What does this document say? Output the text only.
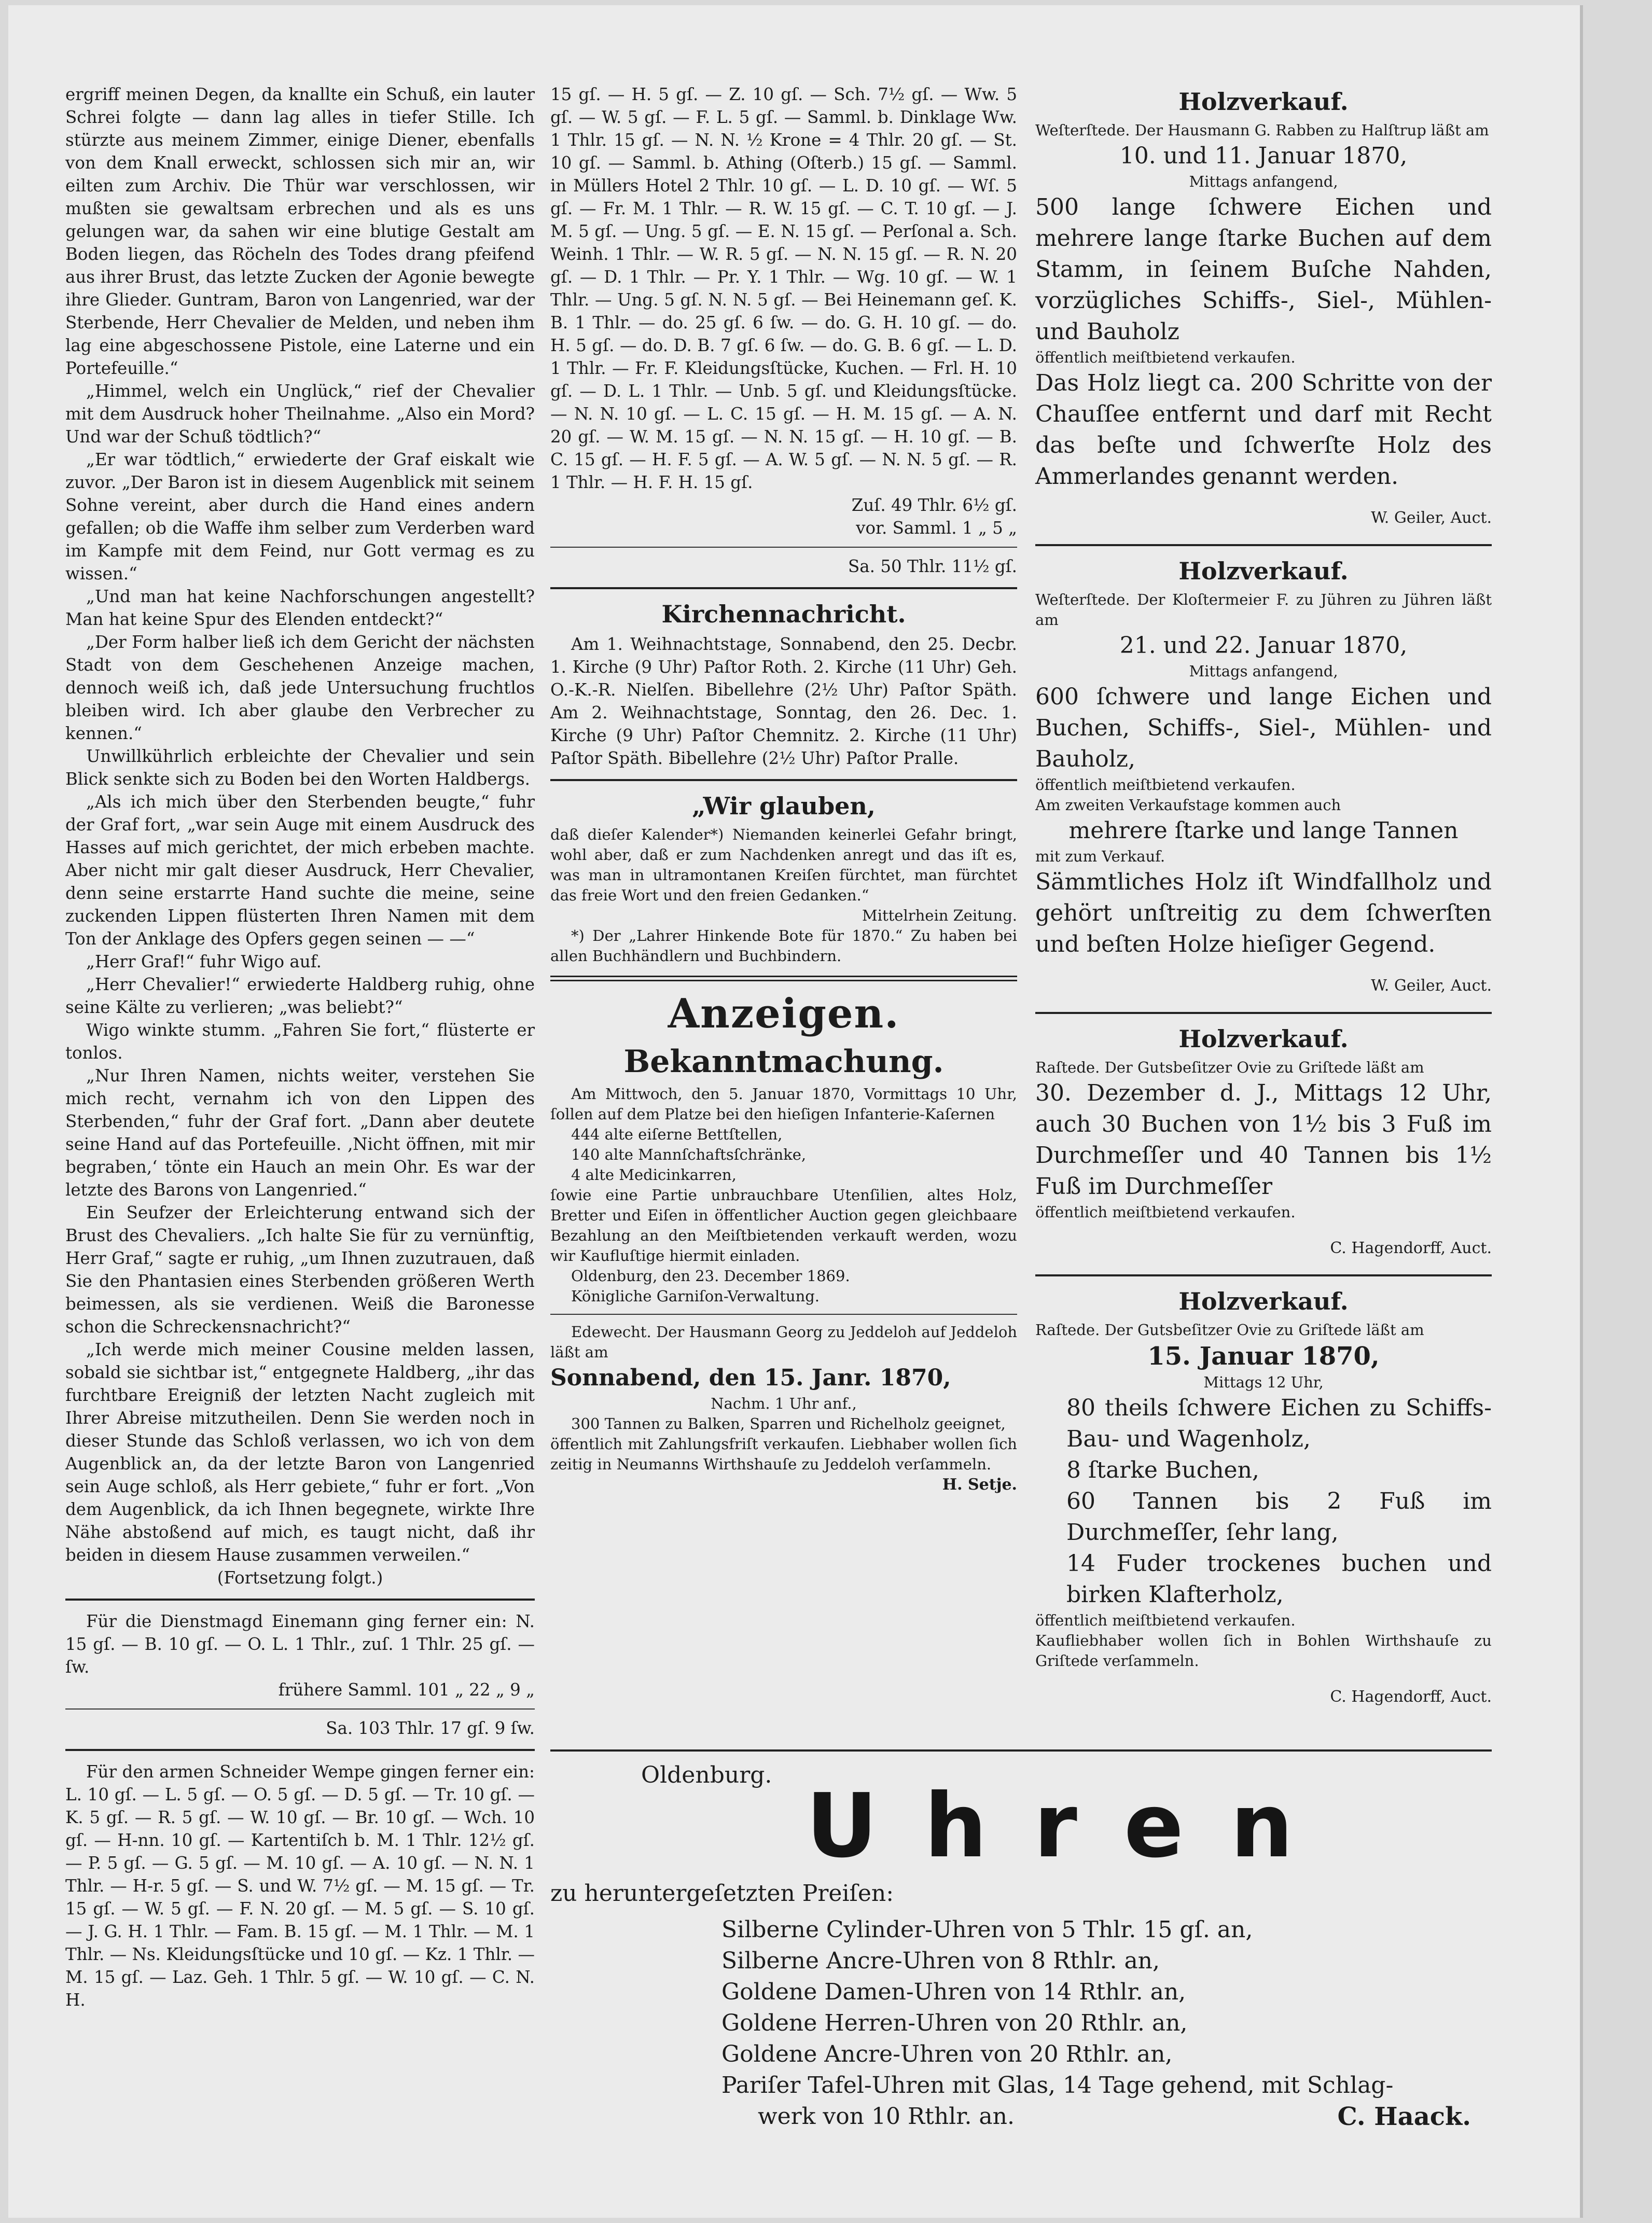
ergriff meinen Degen, da knallte ein Schuß, ein lauter Schrei folgte — dann lag alles in tiefer Stille. Ich stürzte aus meinem Zimmer, einige Diener, ebenfalls von dem Knall erweckt, schlossen sich mir an, wir eilten zum Archiv. Die Thür war verschlossen, wir mußten sie gewaltsam erbrechen und als es uns gelungen war, da sahen wir eine blutige Gestalt am Boden liegen, das Röcheln des Todes drang pfeifend aus ihrer Brust, das letzte Zucken der Agonie bewegte ihre Glieder. Guntram, Baron von Langenried, war der Sterbende, Herr Chevalier de Melden, und neben ihm lag eine abgeschossene Pistole, eine Laterne und ein Portefeuille.“

„Himmel, welch ein Unglück,“ rief der Chevalier mit dem Ausdruck hoher Theilnahme. „Also ein Mord? Und war der Schuß tödtlich?“

„Er war tödtlich,“ erwiederte der Graf eiskalt wie zuvor. „Der Baron ist in diesem Augenblick mit seinem Sohne vereint, aber durch die Hand eines andern gefallen; ob die Waffe ihm selber zum Verderben ward im Kampfe mit dem Feind, nur Gott vermag es zu wissen.“

„Und man hat keine Nachforschungen angestellt? Man hat keine Spur des Elenden entdeckt?“

„Der Form halber ließ ich dem Gericht der nächsten Stadt von dem Geschehenen Anzeige machen, dennoch weiß ich, daß jede Untersuchung fruchtlos bleiben wird. Ich aber glaube den Verbrecher zu kennen.“

Unwillkührlich erbleichte der Chevalier und sein Blick senkte sich zu Boden bei den Worten Haldbergs.

„Als ich mich über den Sterbenden beugte,“ fuhr der Graf fort, „war sein Auge mit einem Ausdruck des Hasses auf mich gerichtet, der mich erbeben machte. Aber nicht mir galt dieser Ausdruck, Herr Chevalier, denn seine erstarrte Hand suchte die meine, seine zuckenden Lippen flüsterten Ihren Namen mit dem Ton der Anklage des Opfers gegen seinen — —“

„Herr Graf!“ fuhr Wigo auf.

„Herr Chevalier!“ erwiederte Haldberg ruhig, ohne seine Kälte zu verlieren; „was beliebt?“

Wigo winkte stumm. „Fahren Sie fort,“ flüsterte er tonlos.

„Nur Ihren Namen, nichts weiter, verstehen Sie mich recht, vernahm ich von den Lippen des Sterbenden,“ fuhr der Graf fort. „Dann aber deutete seine Hand auf das Portefeuille. ‚Nicht öffnen, mit mir begraben,‘ tönte ein Hauch an mein Ohr. Es war der letzte des Barons von Langenried.“

Ein Seufzer der Erleichterung entwand sich der Brust des Chevaliers. „Ich halte Sie für zu vernünftig, Herr Graf,“ sagte er ruhig, „um Ihnen zuzutrauen, daß Sie den Phantasien eines Sterbenden größeren Werth beimessen, als sie verdienen. Weiß die Baronesse schon die Schreckensnachricht?“

„Ich werde mich meiner Cousine melden lassen, sobald sie sichtbar ist,“ entgegnete Haldberg, „ihr das furchtbare Ereigniß der letzten Nacht zugleich mit Ihrer Abreise mitzutheilen. Denn Sie werden noch in dieser Stunde das Schloß verlassen, wo ich von dem Augenblick an, da der letzte Baron von Langenried sein Auge schloß, als Herr gebiete,“ fuhr er fort. „Von dem Augenblick, da ich Ihnen begegnete, wirkte Ihre Nähe abstoßend auf mich, es taugt nicht, daß ihr beiden in diesem Hause zusammen verweilen.“

(Fortsetzung folgt.)

Für die Dienstmagd Einemann ging ferner ein: N. 15 gſ. — B. 10 gſ. — O. L. 1 Thlr., zuſ. 1 Thlr. 25 gſ. — ſw.

frühere Samml. 101 „ 22 „ 9 „

Sa. 103 Thlr. 17 gſ. 9 ſw.

Für den armen Schneider Wempe gingen ferner ein: L. 10 gſ. — L. 5 gſ. — O. 5 gſ. — D. 5 gſ. — Tr. 10 gſ. — K. 5 gſ. — R. 5 gſ. — W. 10 gſ. — Br. 10 gſ. — Wch. 10 gſ. — H-nn. 10 gſ. — Kartentiſch b. M. 1 Thlr. 12½ gſ. — P. 5 gſ. — G. 5 gſ. — M. 10 gſ. — A. 10 gſ. — N. N. 1 Thlr. — H-r. 5 gſ. — S. und W. 7½ gſ. — M. 15 gſ. — Tr. 15 gſ. — W. 5 gſ. — F. N. 20 gſ. — M. 5 gſ. — S. 10 gſ. — J. G. H. 1 Thlr. — Fam. B. 15 gſ. — M. 1 Thlr. — M. 1 Thlr. — Ns. Kleidungsſtücke und 10 gſ. — Kz. 1 Thlr. — M. 15 gſ. — Laz. Geh. 1 Thlr. 5 gſ. — W. 10 gſ. — C. N. H.

15 gſ. — H. 5 gſ. — Z. 10 gſ. — Sch. 7½ gſ. — Ww. 5 gſ. — W. 5 gſ. — F. L. 5 gſ. — Samml. b. Dinklage Ww. 1 Thlr. 15 gſ. — N. N. ½ Krone = 4 Thlr. 20 gſ. — St. 10 gſ. — Samml. b. Athing (Oſterb.) 15 gſ. — Samml. in Müllers Hotel 2 Thlr. 10 gſ. — L. D. 10 gſ. — Wſ. 5 gſ. — Fr. M. 1 Thlr. — R. W. 15 gſ. — C. T. 10 gſ. — J. M. 5 gſ. — Ung. 5 gſ. — E. N. 15 gſ. — Perſonal a. Sch. Weinh. 1 Thlr. — W. R. 5 gſ. — N. N. 15 gſ. — R. N. 20 gſ. — D. 1 Thlr. — Pr. Y. 1 Thlr. — Wg. 10 gſ. — W. 1 Thlr. — Ung. 5 gſ. N. N. 5 gſ. — Bei Heinemann geſ. K. B. 1 Thlr. — do. 25 gſ. 6 ſw. — do. G. H. 10 gſ. — do. H. 5 gſ. — do. D. B. 7 gſ. 6 ſw. — do. G. B. 6 gſ. — L. D. 1 Thlr. — Fr. F. Kleidungsſtücke, Kuchen. — Frl. H. 10 gſ. — D. L. 1 Thlr. — Unb. 5 gſ. und Kleidungsſtücke. — N. N. 10 gſ. — L. C. 15 gſ. — H. M. 15 gſ. — A. N. 20 gſ. — W. M. 15 gſ. — N. N. 15 gſ. — H. 10 gſ. — B. C. 15 gſ. — H. F. 5 gſ. — A. W. 5 gſ. — N. N. 5 gſ. — R. 1 Thlr. — H. F. H. 15 gſ.

Zuſ. 49 Thlr. 6½ gſ.

vor. Samml. 1 „ 5 „

Sa. 50 Thlr. 11½ gſ.

Kirchennachricht.

Am 1. Weihnachtstage, Sonnabend, den 25. Decbr. 1. Kirche (9 Uhr) Paſtor Roth. 2. Kirche (11 Uhr) Geh. O.-K.-R. Nielſen. Bibellehre (2½ Uhr) Paſtor Späth. Am 2. Weihnachtstage, Sonntag, den 26. Dec. 1. Kirche (9 Uhr) Paſtor Chemnitz. 2. Kirche (11 Uhr) Paſtor Späth. Bibellehre (2½ Uhr) Paſtor Pralle.

„Wir glauben,

daß dieſer Kalender*) Niemanden keinerlei Gefahr bringt, wohl aber, daß er zum Nachdenken anregt und das iſt es, was man in ultramontanen Kreiſen fürchtet, man fürchtet das freie Wort und den freien Gedanken.“

Mittelrhein Zeitung.

*) Der „Lahrer Hinkende Bote für 1870.“ Zu haben bei allen Buchhändlern und Buchbindern.

Anzeigen.
Bekanntmachung.

Am Mittwoch, den 5. Januar 1870, Vormittags 10 Uhr, ſollen auf dem Platze bei den hieſigen Infanterie-Kaſernen

444 alte eiſerne Bettſtellen,

140 alte Mannſchaftsſchränke,

4 alte Medicinkarren,

ſowie eine Partie unbrauchbare Utenſilien, altes Holz, Bretter und Eiſen in öffentlicher Auction gegen gleichbaare Bezahlung an den Meiſtbietenden verkauft werden, wozu wir Kaufluſtige hiermit einladen.

Oldenburg, den 23. December 1869.

Königliche Garniſon-Verwaltung.

Edewecht. Der Hausmann Georg zu Jeddeloh auf Jeddeloh läßt am

Sonnabend, den 15. Janr. 1870,

Nachm. 1 Uhr anf.,

300 Tannen zu Balken, Sparren und Richelholz geeignet,

öffentlich mit Zahlungsfriſt verkaufen. Liebhaber wollen ſich zeitig in Neumanns Wirthshauſe zu Jeddeloh verſammeln.

H. Setje.

Holzverkauf.

Weſterſtede. Der Hausmann G. Rabben zu Halſtrup läßt am

10. und 11. Januar 1870,

Mittags anfangend,

500 lange ſchwere Eichen und mehrere lange ſtarke Buchen auf dem Stamm, in ſeinem Buſche Nahden, vorzügliches Schiffs-, Siel-, Mühlen- und Bauholz

öffentlich meiſtbietend verkaufen.

Das Holz liegt ca. 200 Schritte von der Chauſſee entfernt und darf mit Recht das beſte und ſchwerſte Holz des Ammerlandes genannt werden.

W. Geiler, Auct.

Holzverkauf.

Weſterſtede. Der Kloſtermeier F. zu Jühren zu Jühren läßt am

21. und 22. Januar 1870,

Mittags anfangend,

600 ſchwere und lange Eichen und Buchen, Schiffs-, Siel-, Mühlen- und Bauholz,

öffentlich meiſtbietend verkaufen.

Am zweiten Verkaufstage kommen auch

mehrere ſtarke und lange Tannen

mit zum Verkauf.

Sämmtliches Holz iſt Windfallholz und gehört unſtreitig zu dem ſchwerſten und beſten Holze hieſiger Gegend.

W. Geiler, Auct.

Holzverkauf.

Raſtede. Der Gutsbeſitzer Ovie zu Griſtede läßt am

30. Dezember d. J., Mittags 12 Uhr, auch 30 Buchen von 1½ bis 3 Fuß im Durchmeſſer und 40 Tannen bis 1½ Fuß im Durchmeſſer

öffentlich meiſtbietend verkaufen.

C. Hagendorff, Auct.

Holzverkauf.

Raſtede. Der Gutsbeſitzer Ovie zu Griſtede läßt am

15. Januar 1870,

Mittags 12 Uhr,

80 theils ſchwere Eichen zu Schiffs-Bau- und Wagenholz,

8 ſtarke Buchen,

60 Tannen bis 2 Fuß im Durchmeſſer, ſehr lang,

14 Fuder trockenes buchen und birken Klafterholz,

öffentlich meiſtbietend verkaufen.

Kaufliebhaber wollen ſich in Bohlen Wirthshauſe zu Griſtede verſammeln.

C. Hagendorff, Auct.

Oldenburg. Uhren

zu heruntergeſetzten Preiſen:

Silberne Cylinder-Uhren von 5 Thlr. 15 gſ. an,

Silberne Ancre-Uhren von 8 Rthlr. an,

Goldene Damen-Uhren von 14 Rthlr. an,

Goldene Herren-Uhren von 20 Rthlr. an,

Goldene Ancre-Uhren von 20 Rthlr. an,

Pariſer Tafel-Uhren mit Glas, 14 Tage gehend, mit Schlag-

werk von 10 Rthlr. an.	C. Haack.
